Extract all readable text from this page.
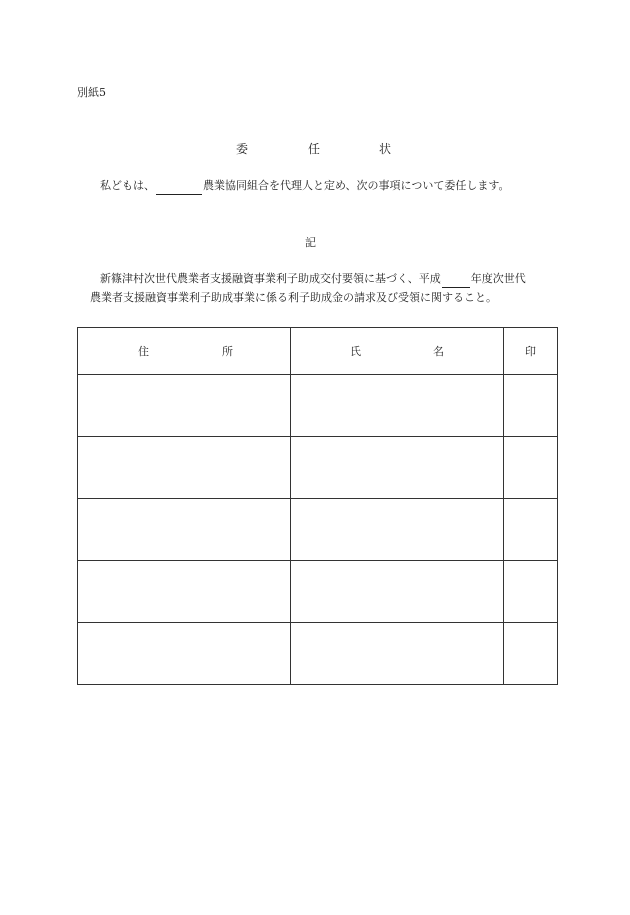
別紙5
委	任	状
私どもは、	農業協同組合を代理人と定め、次の事項について委任します。
記
新篠津村次世代農業者支援融資事業利子助成交付要領に基づく、平成	年度次世代
農業者支援融資事業利子助成事業に係る利子助成金の請求及び受領に関すること。
住 所	氏 名	印
